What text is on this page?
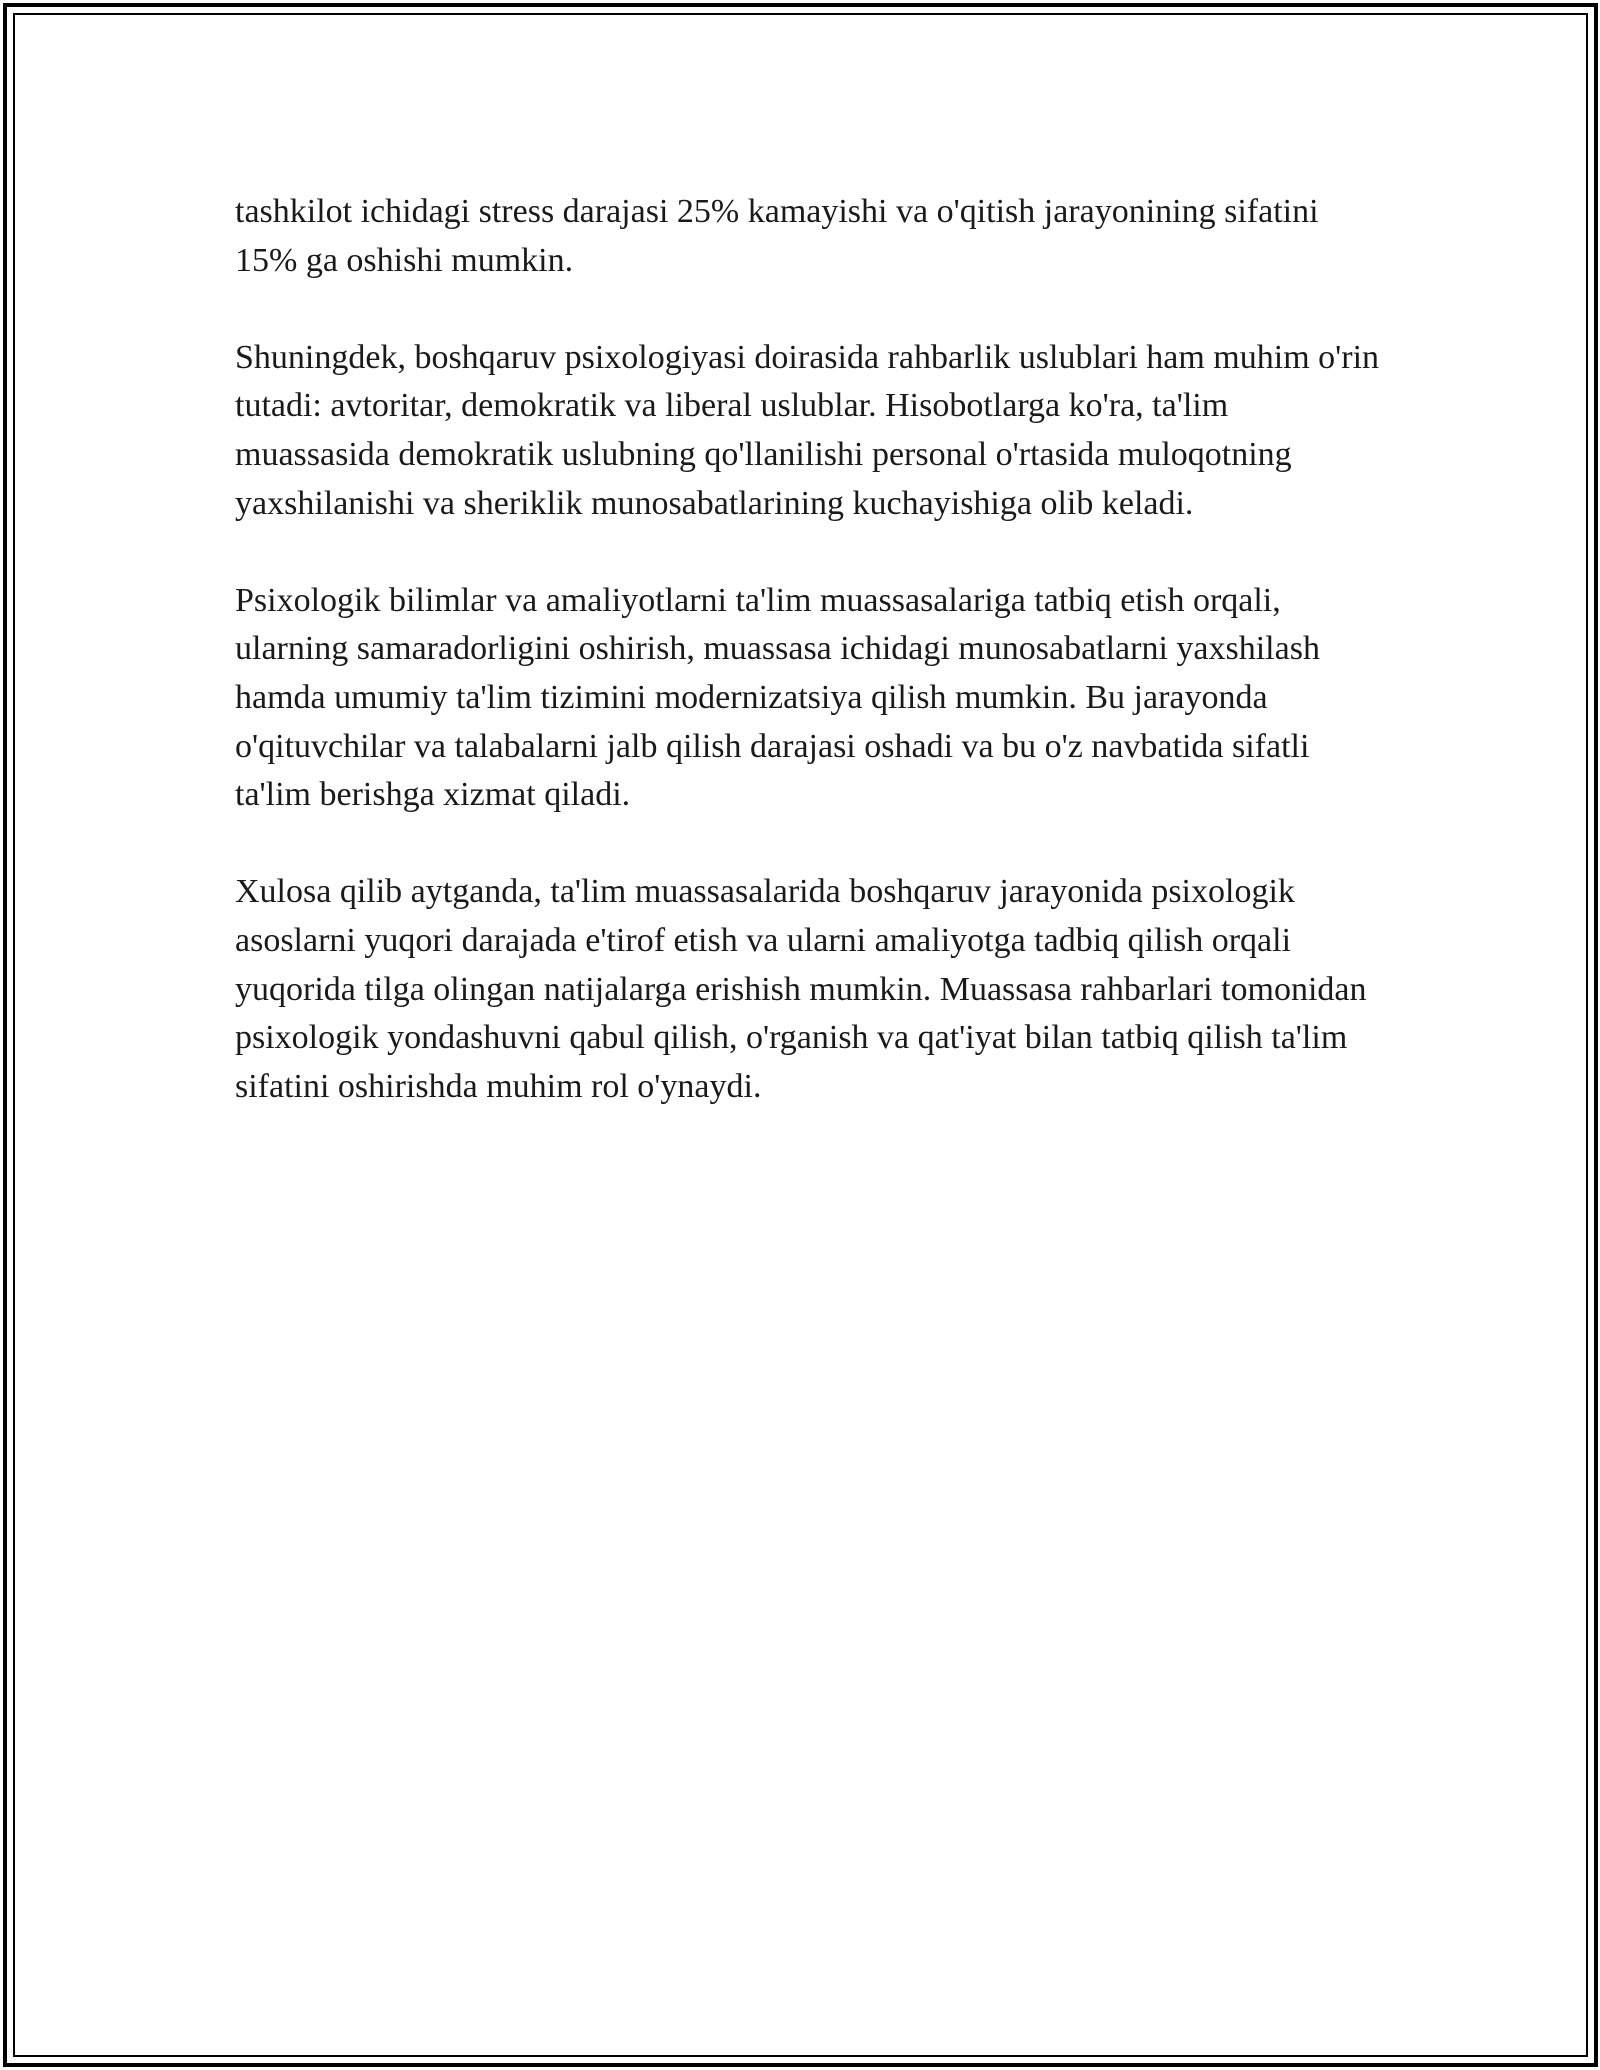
tashkilot ichidagi stress darajasi 25% kamayishi va o'qitish jarayonining sifatini 15% ga oshishi mumkin.

Shuningdek, boshqaruv psixologiyasi doirasida rahbarlik uslublari ham muhim o'rin tutadi: avtoritar, demokratik va liberal uslublar. Hisobotlarga ko'ra, ta'lim muassasida demokratik uslubning qo'llanilishi personal o'rtasida muloqotning yaxshilanishi va sheriklik munosabatlarining kuchayishiga olib keladi.

Psixologik bilimlar va amaliyotlarni ta'lim muassasalariga tatbiq etish orqali, ularning samaradorligini oshirish, muassasa ichidagi munosabatlarni yaxshilash hamda umumiy ta'lim tizimini modernizatsiya qilish mumkin. Bu jarayonda o'qituvchilar va talabalarni jalb qilish darajasi oshadi va bu o'z navbatida sifatli ta'lim berishga xizmat qiladi.

Xulosa qilib aytganda, ta'lim muassasalarida boshqaruv jarayonida psixologik asoslarni yuqori darajada e'tirof etish va ularni amaliyotga tadbiq qilish orqali yuqorida tilga olingan natijalarga erishish mumkin. Muassasa rahbarlari tomonidan psixologik yondashuvni qabul qilish, o'rganish va qat'iyat bilan tatbiq qilish ta'lim sifatini oshirishda muhim rol o'ynaydi.
